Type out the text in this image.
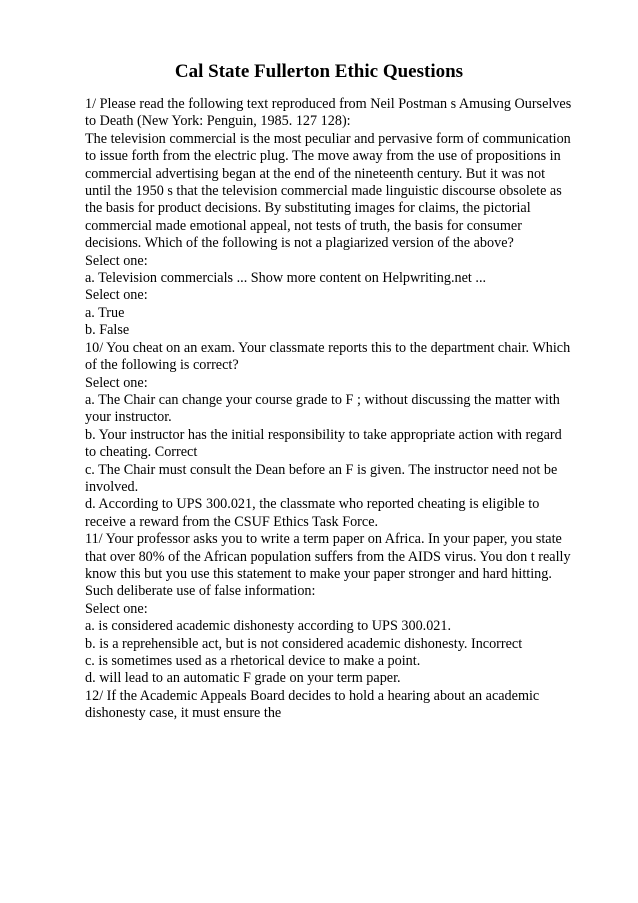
Cal State Fullerton Ethic Questions
1/ Please read the following text reproduced from Neil Postman s Amusing Ourselves
to Death (New York: Penguin, 1985. 127 128):
The television commercial is the most peculiar and pervasive form of communication
to issue forth from the electric plug. The move away from the use of propositions in
commercial advertising began at the end of the nineteenth century. But it was not
until the 1950 s that the television commercial made linguistic discourse obsolete as
the basis for product decisions. By substituting images for claims, the pictorial
commercial made emotional appeal, not tests of truth, the basis for consumer
decisions. Which of the following is not a plagiarized version of the above?
Select one:
a. Television commercials ... Show more content on Helpwriting.net ...
Select one:
a. True
b. False
10/ You cheat on an exam. Your classmate reports this to the department chair. Which
of the following is correct?
Select one:
a. The Chair can change your course grade to F ; without discussing the matter with
your instructor.
b. Your instructor has the initial responsibility to take appropriate action with regard
to cheating. Correct
c. The Chair must consult the Dean before an F is given. The instructor need not be
involved.
d. According to UPS 300.021, the classmate who reported cheating is eligible to
receive a reward from the CSUF Ethics Task Force.
11/ Your professor asks you to write a term paper on Africa. In your paper, you state
that over 80% of the African population suffers from the AIDS virus. You don t really
know this but you use this statement to make your paper stronger and hard hitting.
Such deliberate use of false information:
Select one:
a. is considered academic dishonesty according to UPS 300.021.
b. is a reprehensible act, but is not considered academic dishonesty. Incorrect
c. is sometimes used as a rhetorical device to make a point.
d. will lead to an automatic F grade on your term paper.
12/ If the Academic Appeals Board decides to hold a hearing about an academic
dishonesty case, it must ensure the
